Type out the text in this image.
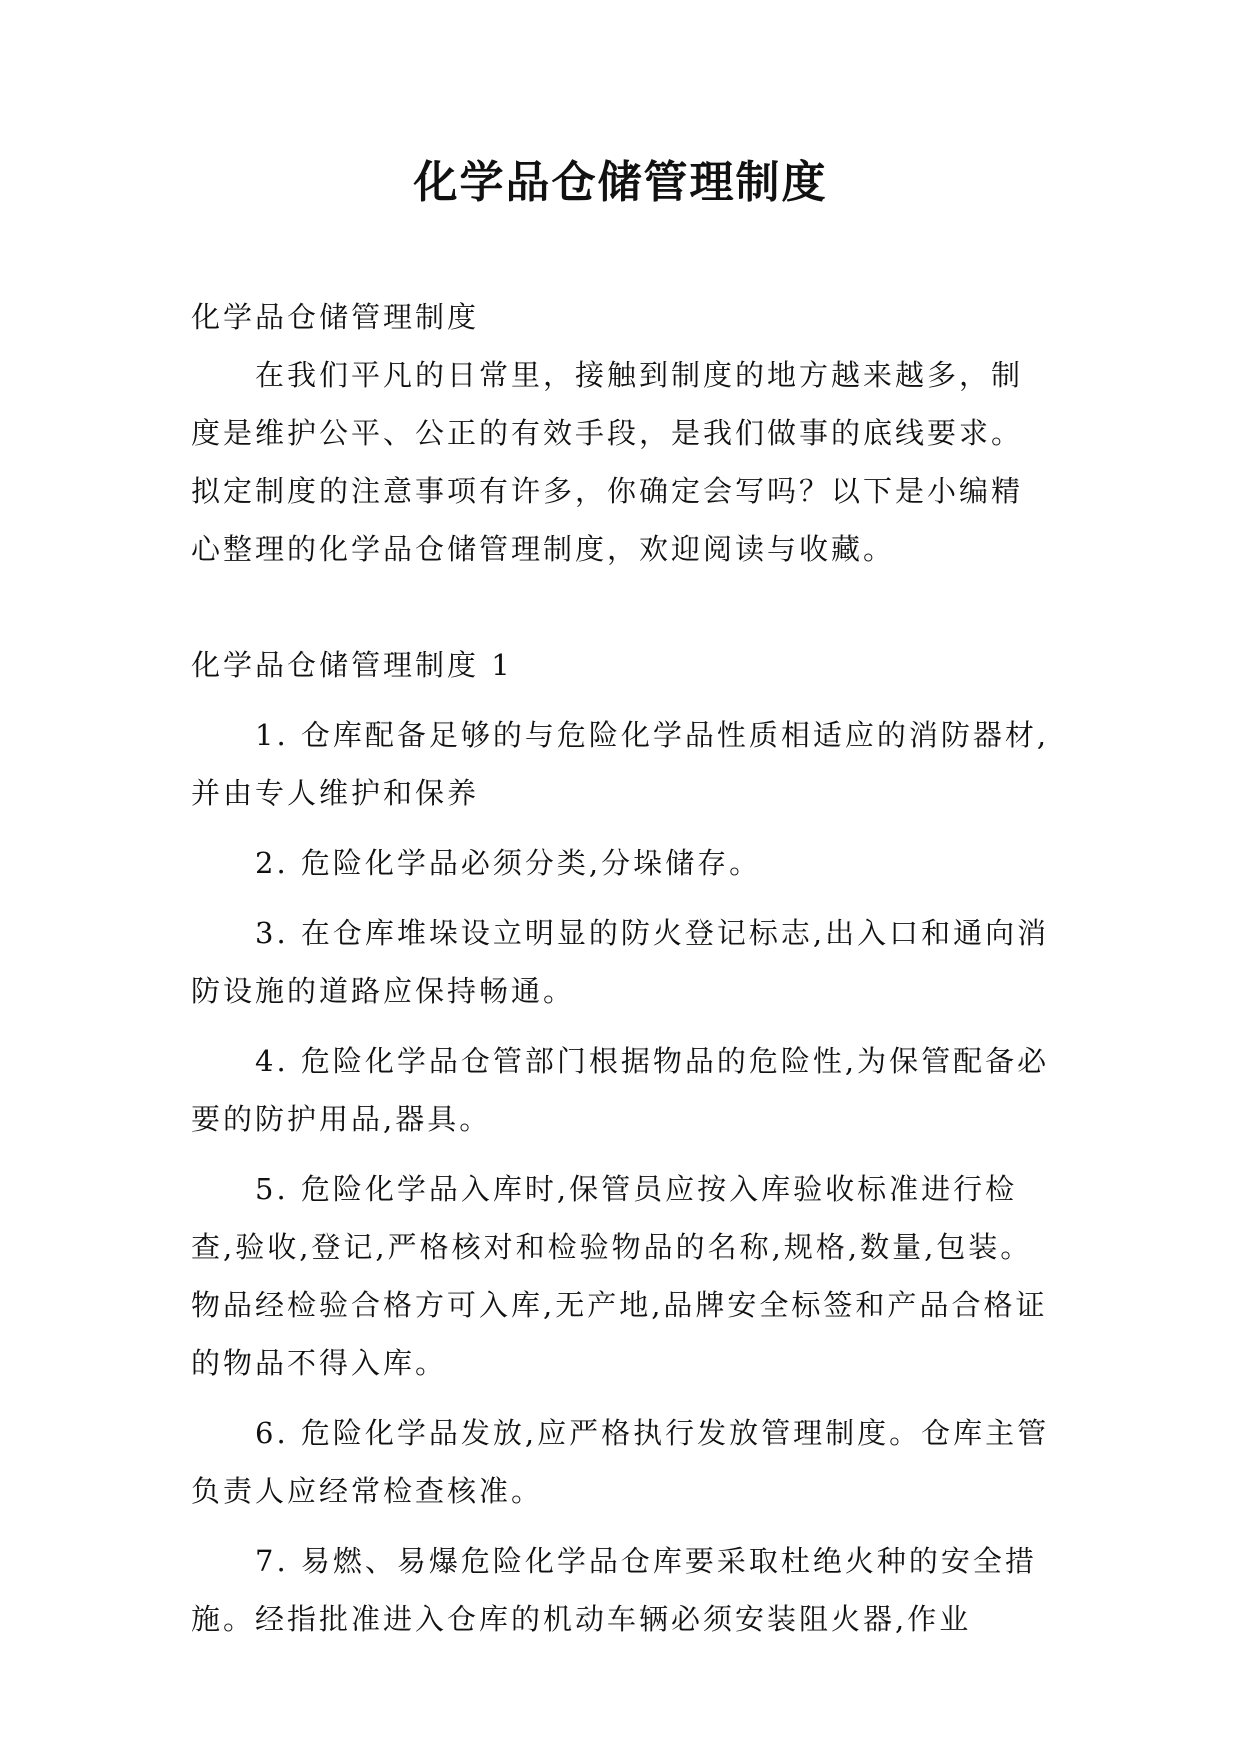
化学品仓储管理制度

化学品仓储管理制度

在我们平凡的日常里，接触到制度的地方越来越多，制度是维护公平、公正的有效手段，是我们做事的底线要求。拟定制度的注意事项有许多，你确定会写吗？以下是小编精心整理的化学品仓储管理制度，欢迎阅读与收藏。

化学品仓储管理制度 1

1. 仓库配备足够的与危险化学品性质相适应的消防器材,并由专人维护和保养

2. 危险化学品必须分类,分垛储存。

3. 在仓库堆垛设立明显的防火登记标志,出入口和通向消防设施的道路应保持畅通。

4. 危险化学品仓管部门根据物品的危险性,为保管配备必要的防护用品,器具。

5. 危险化学品入库时,保管员应按入库验收标准进行检查,验收,登记,严格核对和检验物品的名称,规格,数量,包装。物品经检验合格方可入库,无产地,品牌安全标签和产品合格证的物品不得入库。

6. 危险化学品发放,应严格执行发放管理制度。仓库主管负责人应经常检查核准。

7. 易燃、易爆危险化学品仓库要采取杜绝火种的安全措施。经指批准进入仓库的机动车辆必须安装阻火器,作业
